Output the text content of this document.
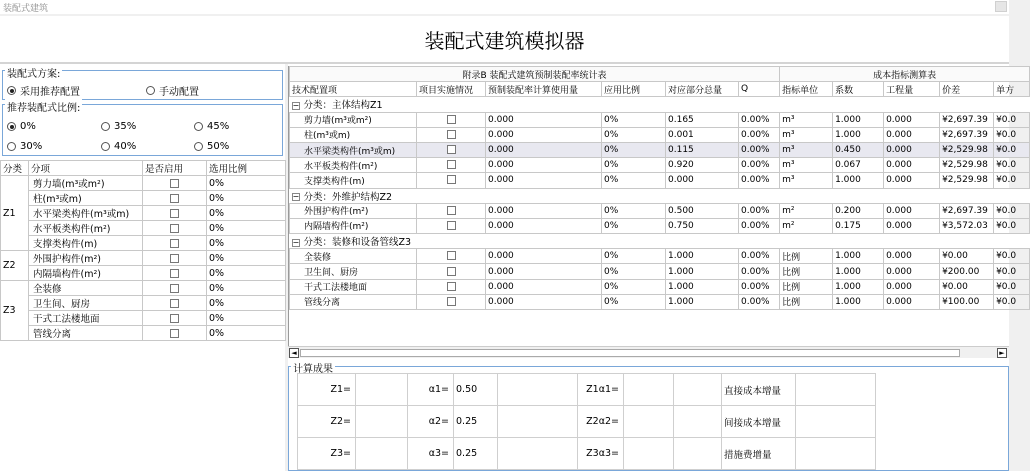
装配式建筑
装配式建筑模拟器
装配式方案:
采用推荐配置	手动配置
推荐装配式比例:
0%	35%	45%
30%	40%	50%
分类	分项	是否启用	选用比例
Z1	剪力墙(m³或m²)		0%
	柱(m³或m)		0%
	水平梁类构件(m³或m)		0%
	水平板类构件(m²)		0%
	支撑类构件(m)		0%
Z2	外围护构件(m²)		0%
	内隔墙构件(m²)		0%
Z3	全装修		0%
	卫生间、厨房		0%
	干式工法楼地面		0%
	管线分离		0%
附录B 装配式建筑预制装配率统计表						成本指标测算表				
技术配置项	项目实施情况	预制装配率计算使用量	应用比例	对应部分总量	Q	指标单位	系数	工程量	价差	单方
− 分类：主体结构Z1										
剪力墙(m³或m²)		0.000	0%	0.165	0.00%	m³	1.000	0.000	¥2,697.39	¥0.0
柱(m³或m)		0.000	0%	0.001	0.00%	m³	1.000	0.000	¥2,697.39	¥0.0
水平梁类构件(m³或m)		0.000	0%	0.115	0.00%	m³	0.450	0.000	¥2,529.98	¥0.0
水平板类构件(m²)		0.000	0%	0.920	0.00%	m³	0.067	0.000	¥2,529.98	¥0.0
支撑类构件(m)		0.000	0%	0.000	0.00%	m³	1.000	0.000	¥2,529.98	¥0.0
− 分类：外维护结构Z2										
外围护构件(m²)		0.000	0%	0.500	0.00%	m²	0.200	0.000	¥2,697.39	¥0.0
内隔墙构件(m²)		0.000	0%	0.750	0.00%	m²	0.175	0.000	¥3,572.03	¥0.0
− 分类：装修和设备管线Z3										
全装修		0.000	0%	1.000	0.00%	比例	1.000	0.000	¥0.00	¥0.0
卫生间、厨房		0.000	0%	1.000	0.00%	比例	1.000	0.000	¥200.00	¥0.0
干式工法楼地面		0.000	0%	1.000	0.00%	比例	1.000	0.000	¥0.00	¥0.0
管线分离		0.000	0%	1.000	0.00%	比例	1.000	0.000	¥100.00	¥0.0
◄	►
计算成果
Z1=		α1=	0.50		Z1α1=			直接成本增量	
Z2=		α2=	0.25		Z2α2=			间接成本增量	
Z3=		α3=	0.25		Z3α3=			措施费增量	
